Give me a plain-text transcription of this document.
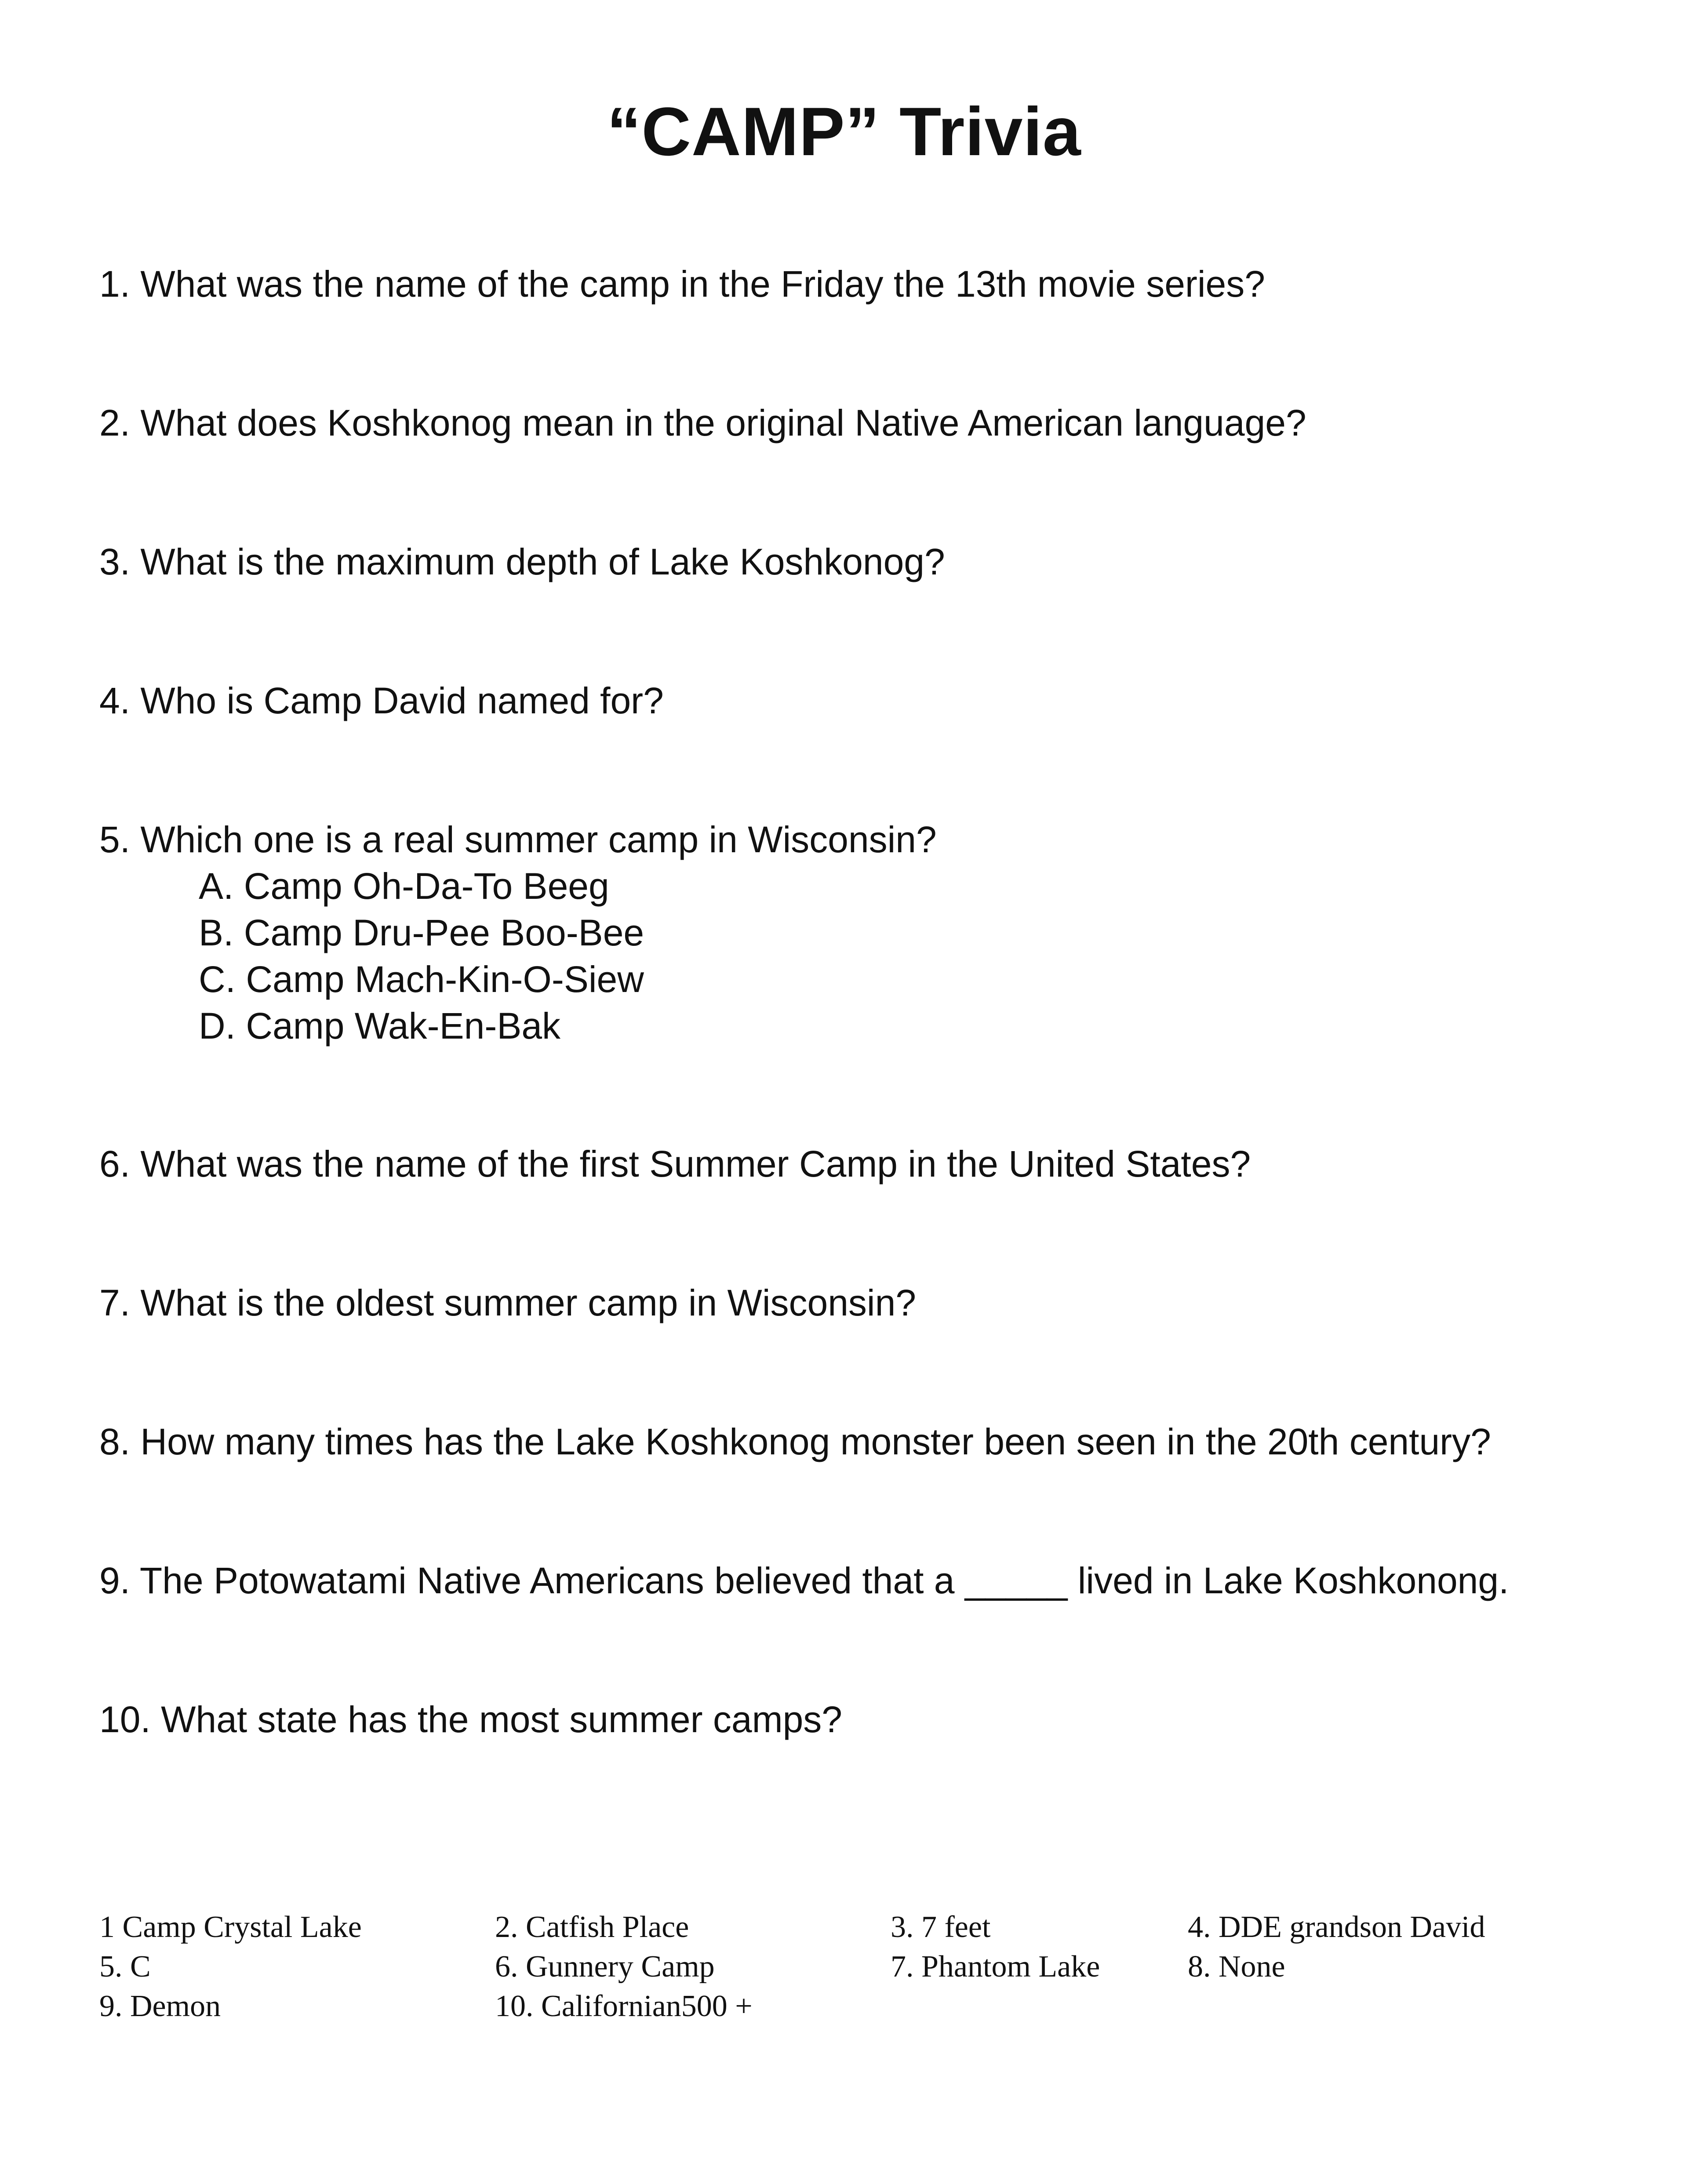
“CAMP” Trivia

1. What was the name of the camp in the Friday the 13th movie series?

2. What does Koshkonog mean in the original Native American language?

3. What is the maximum depth of Lake Koshkonog?

4. Who is Camp David named for?

5. Which one is a real summer camp in Wisconsin?

A. Camp Oh-Da-To Beeg

B. Camp Dru-Pee Boo-Bee

C. Camp Mach-Kin-O-Siew

D. Camp Wak-En-Bak

6. What was the name of the first Summer Camp in the United States?

7. What is the oldest summer camp in Wisconsin?

8. How many times has the Lake Koshkonog monster been seen in the 20th century?

9. The Potowatami Native Americans believed that a _____ lived in Lake Koshkonong.

10. What state has the most summer camps?

1 Camp Crystal Lake	2. Catfish Place	3. 7 feet	4. DDE grandson David

5. C	6. Gunnery Camp	7. Phantom Lake	8. None

9. Demon	10. Californian500 +
